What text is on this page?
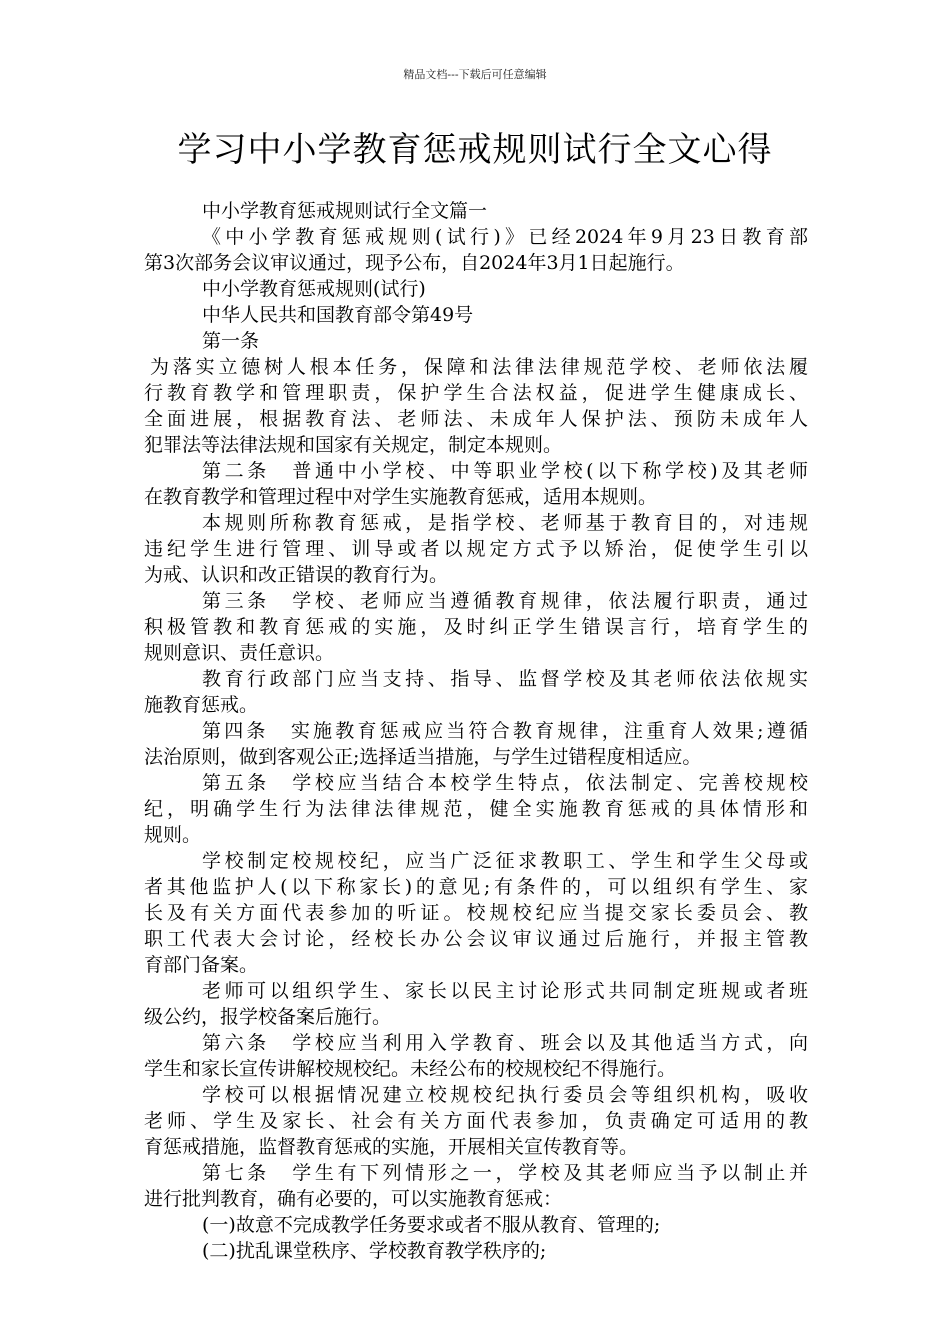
精品文档---下载后可任意编辑
学习中小学教育惩戒规则试行全文心得
中小学教育惩戒规则试行全文篇一
《中小学教育惩戒规则(试行)》已经2024年9月23日教育部
第3次部务会议审议通过，现予公布，自2024年3月1日起施行。
中小学教育惩戒规则(试行)
中华人民共和国教育部令第49号
第一条
为落实立德树人根本任务，保障和法律法律规范学校、老师依法履
行教育教学和管理职责，保护学生合法权益，促进学生健康成长、
全面进展，根据教育法、老师法、未成年人保护法、预防未成年人
犯罪法等法律法规和国家有关规定，制定本规则。
第二条　普通中小学校、中等职业学校(以下称学校)及其老师
在教育教学和管理过程中对学生实施教育惩戒，适用本规则。
本规则所称教育惩戒，是指学校、老师基于教育目的，对违规
违纪学生进行管理、训导或者以规定方式予以矫治，促使学生引以
为戒、认识和改正错误的教育行为。
第三条　学校、老师应当遵循教育规律，依法履行职责，通过
积极管教和教育惩戒的实施，及时纠正学生错误言行，培育学生的
规则意识、责任意识。
教育行政部门应当支持、指导、监督学校及其老师依法依规实
施教育惩戒。
第四条　实施教育惩戒应当符合教育规律，注重育人效果;遵循
法治原则，做到客观公正;选择适当措施，与学生过错程度相适应。
第五条　学校应当结合本校学生特点，依法制定、完善校规校
纪，明确学生行为法律法律规范，健全实施教育惩戒的具体情形和
规则。
学校制定校规校纪，应当广泛征求教职工、学生和学生父母或
者其他监护人(以下称家长)的意见;有条件的，可以组织有学生、家
长及有关方面代表参加的听证。校规校纪应当提交家长委员会、教
职工代表大会讨论，经校长办公会议审议通过后施行，并报主管教
育部门备案。
老师可以组织学生、家长以民主讨论形式共同制定班规或者班
级公约，报学校备案后施行。
第六条　学校应当利用入学教育、班会以及其他适当方式，向
学生和家长宣传讲解校规校纪。未经公布的校规校纪不得施行。
学校可以根据情况建立校规校纪执行委员会等组织机构，吸收
老师、学生及家长、社会有关方面代表参加，负责确定可适用的教
育惩戒措施，监督教育惩戒的实施，开展相关宣传教育等。
第七条　学生有下列情形之一，学校及其老师应当予以制止并
进行批判教育，确有必要的，可以实施教育惩戒：
(一)故意不完成教学任务要求或者不服从教育、管理的;
(二)扰乱课堂秩序、学校教育教学秩序的;
